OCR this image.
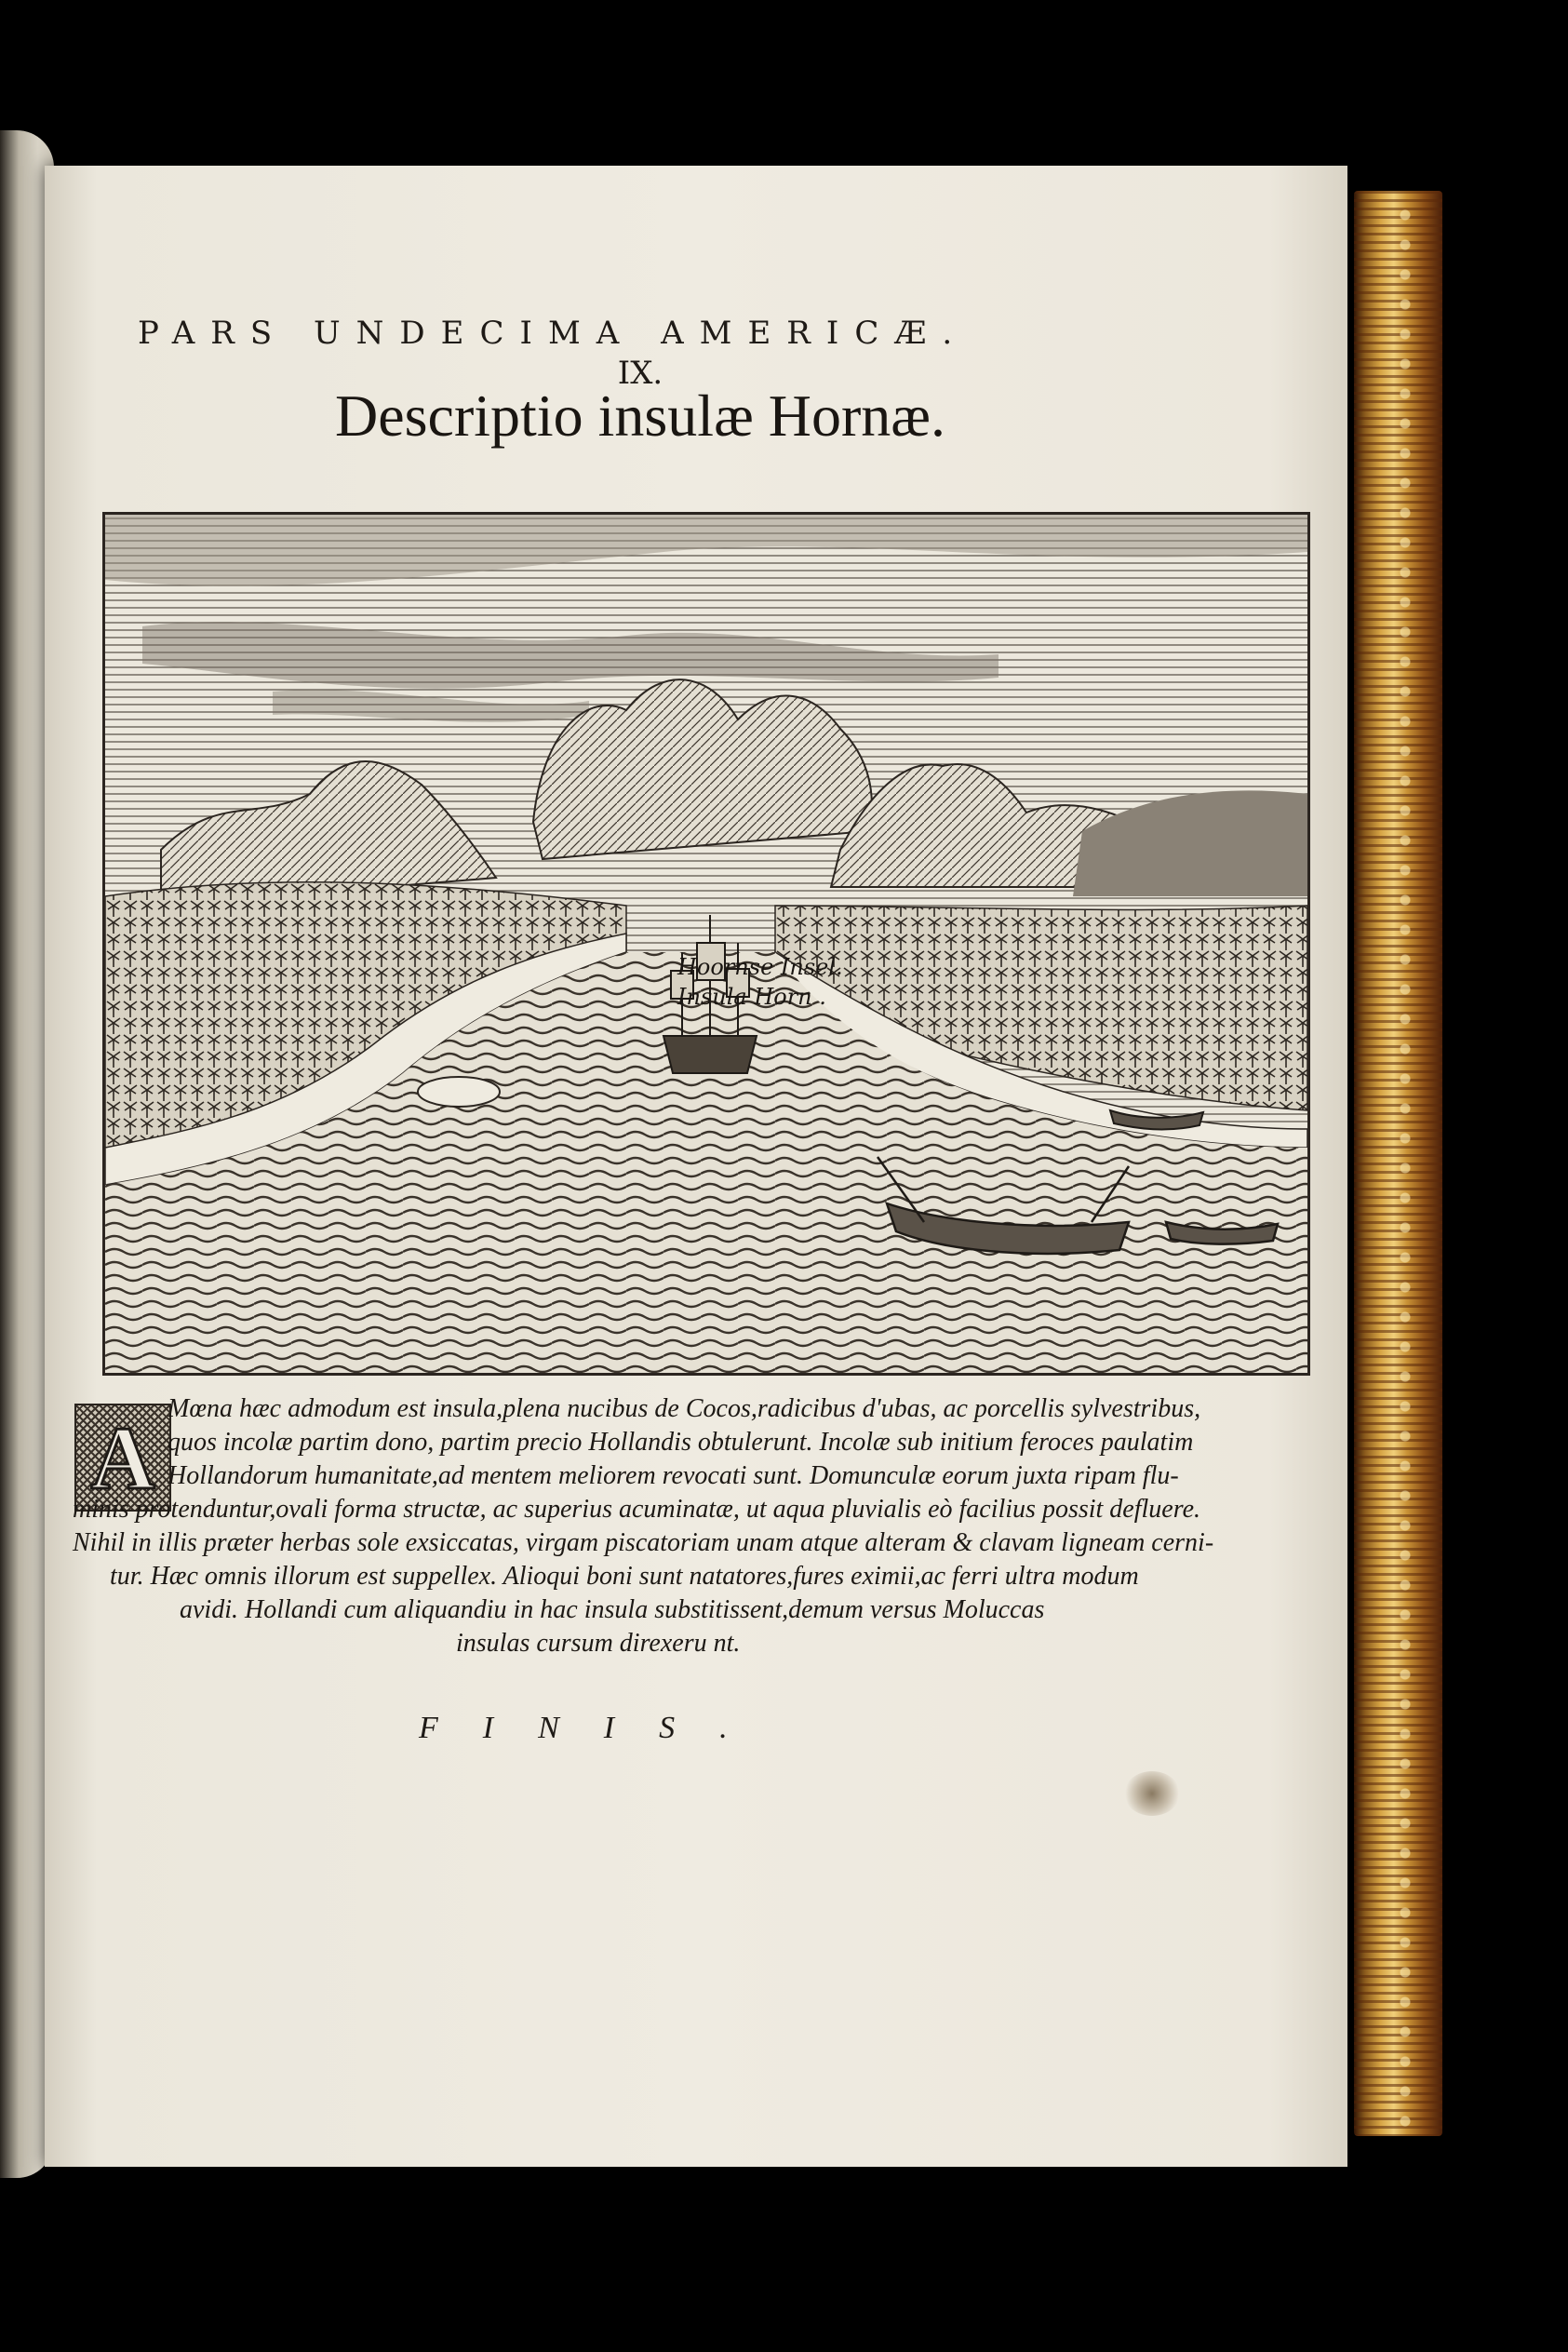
PARS UNDECIMA AMERICÆ.

IX.

Descriptio insulæ Hornæ.
Hoornse Insel.
Insula Horn .
A Mœna hæc admodum est insula,plena nucibus de Cocos,radicibus d'ubas, ac porcellis sylvestribus,
quos incolæ partim dono, partim precio Hollandis obtulerunt. Incolæ sub initium feroces paulatim
Hollandorum humanitate,ad mentem meliorem revocati sunt. Domunculæ eorum juxta ripam flu-
minis protenduntur,ovali forma structæ, ac superius acuminatæ, ut aqua pluvialis eò facilius possit defluere.
Nihil in illis præter herbas sole exsiccatas, virgam piscatoriam unam atque alteram & clavam ligneam cerni-
tur. Hæc omnis illorum est suppellex. Alioqui boni sunt natatores,fures eximii,ac ferri ultra modum
avidi. Hollandi cum aliquandiu in hac insula substitissent,demum versus Moluccas
insulas cursum direxeru nt.
FINIS.
